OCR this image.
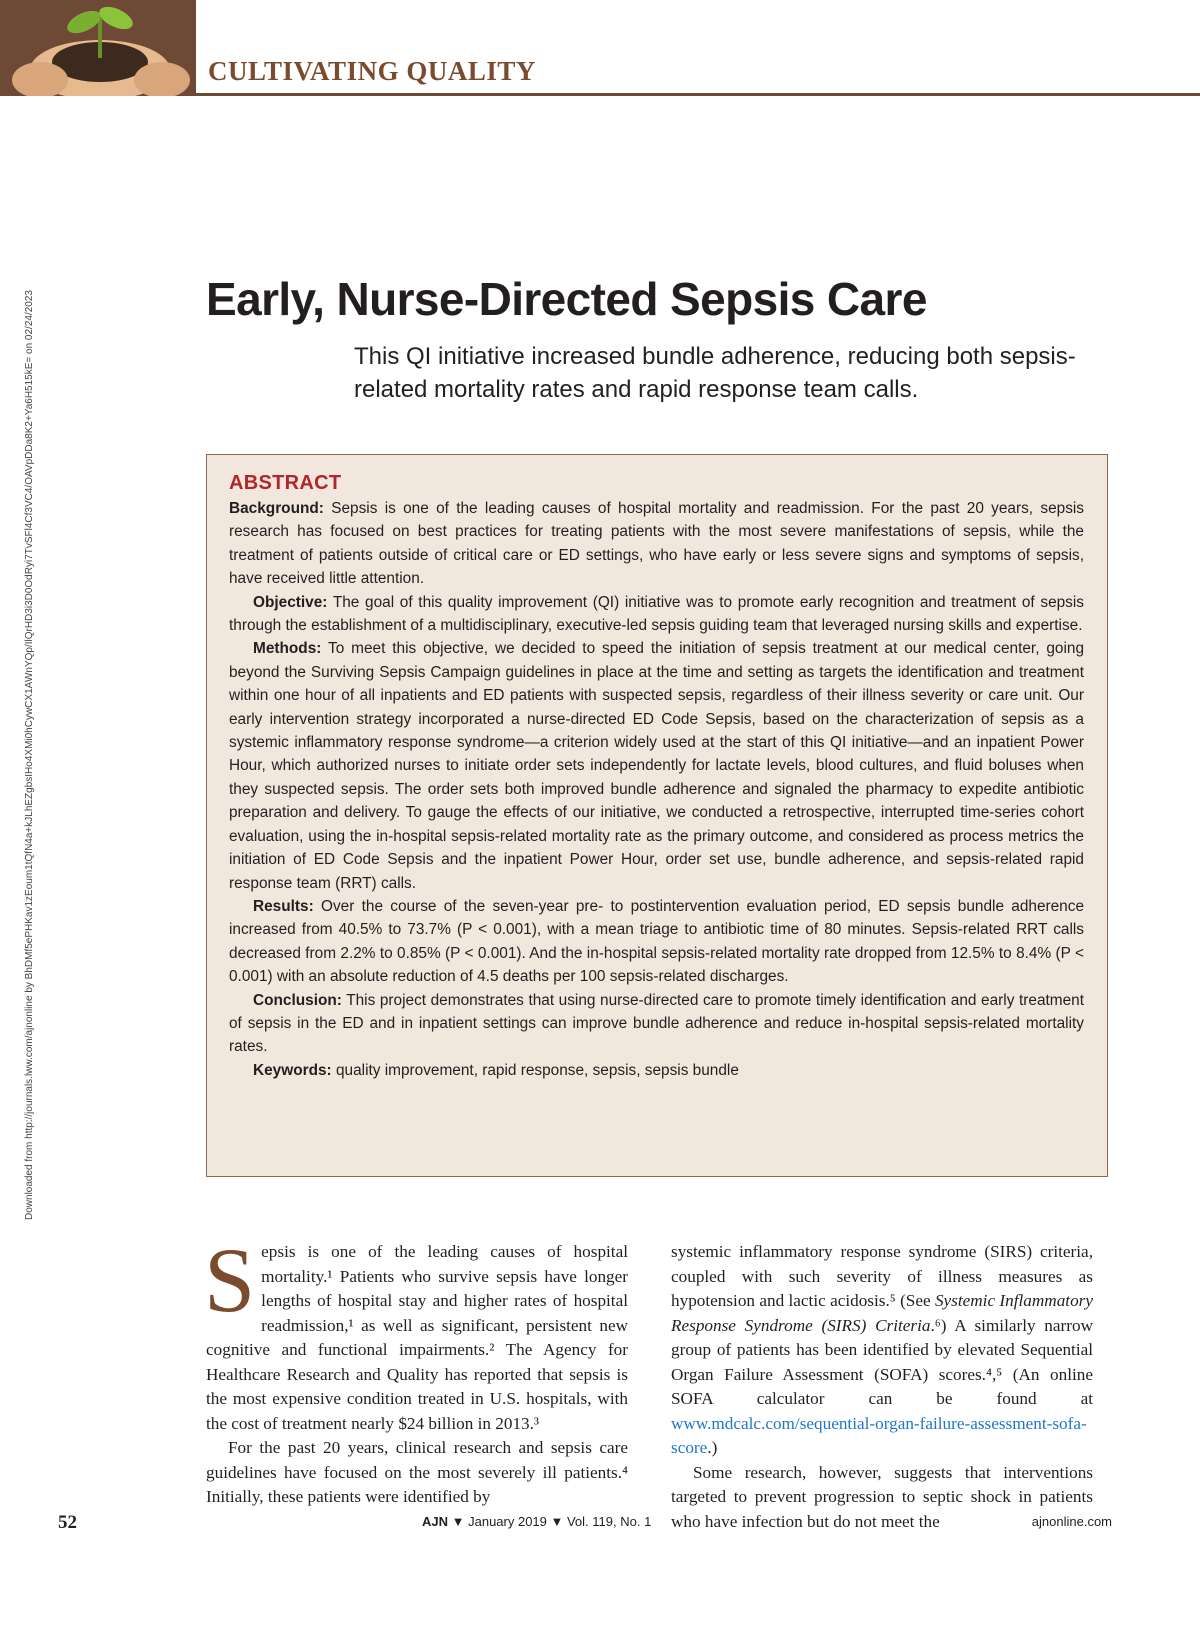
CULTIVATING QUALITY
Downloaded from http://journals.lww.com/ajnonline by BhDMf5ePHKav1zEoum1tQfN4a+kJLhEZgbsIHo4XMi0hCywCX1AWnYQp/IlQrHD3i3D0OdRyi7TvSFl4Cf3VC4/OAVpDDa8K2+Ya6H515kE= on 02/24/2023	Early, Nurse-Directed Sepsis Care

This QI initiative increased bundle adherence, reducing both sepsis-related mortality rates and rapid response team calls.

ABSTRACT

Background: Sepsis is one of the leading causes of hospital mortality and readmission. For the past 20 years, sepsis research has focused on best practices for treating patients with the most severe manifestations of sepsis, while the treatment of patients outside of critical care or ED settings, who have early or less severe signs and symptoms of sepsis, have received little attention.

Objective: The goal of this quality improvement (QI) initiative was to promote early recognition and treatment of sepsis through the establishment of a multidisciplinary, executive-led sepsis guiding team that leveraged nursing skills and expertise.

Methods: To meet this objective, we decided to speed the initiation of sepsis treatment at our medical center, going beyond the Surviving Sepsis Campaign guidelines in place at the time and setting as targets the identification and treatment within one hour of all inpatients and ED patients with suspected sepsis, regardless of their illness severity or care unit. Our early intervention strategy incorporated a nurse-directed ED Code Sepsis, based on the characterization of sepsis as a systemic inflammatory response syndrome—a criterion widely used at the start of this QI initiative—and an inpatient Power Hour, which authorized nurses to initiate order sets independently for lactate levels, blood cultures, and fluid boluses when they suspected sepsis. The order sets both improved bundle adherence and signaled the pharmacy to expedite antibiotic preparation and delivery. To gauge the effects of our initiative, we conducted a retrospective, interrupted time-series cohort evaluation, using the in-hospital sepsis-related mortality rate as the primary outcome, and considered as process metrics the initiation of ED Code Sepsis and the inpatient Power Hour, order set use, bundle adherence, and sepsis-related rapid response team (RRT) calls.

Results: Over the course of the seven-year pre- to postintervention evaluation period, ED sepsis bundle adherence increased from 40.5% to 73.7% (P < 0.001), with a mean triage to antibiotic time of 80 minutes. Sepsis-related RRT calls decreased from 2.2% to 0.85% (P < 0.001). And the in-hospital sepsis-related mortality rate dropped from 12.5% to 8.4% (P < 0.001) with an absolute reduction of 4.5 deaths per 100 sepsis-related discharges.

Conclusion: This project demonstrates that using nurse-directed care to promote timely identification and early treatment of sepsis in the ED and in inpatient settings can improve bundle adherence and reduce in-hospital sepsis-related mortality rates.

Keywords: quality improvement, rapid response, sepsis, sepsis bundle

Sepsis is one of the leading causes of hospital mortality.¹ Patients who survive sepsis have longer lengths of hospital stay and higher rates of hospital readmission,¹ as well as significant, persistent new cognitive and functional impairments.² The Agency for Healthcare Research and Quality has reported that sepsis is the most expensive condition treated in U.S. hospitals, with the cost of treatment nearly $24 billion in 2013.³

For the past 20 years, clinical research and sepsis care guidelines have focused on the most severely ill patients.⁴ Initially, these patients were identified by

systemic inflammatory response syndrome (SIRS) criteria, coupled with such severity of illness measures as hypotension and lactic acidosis.⁵ (See Systemic Inflammatory Response Syndrome (SIRS) Criteria.⁶) A similarly narrow group of patients has been identified by elevated Sequential Organ Failure Assessment (SOFA) scores.⁴,⁵ (An online SOFA calculator can be found at www.mdcalc.com/sequential-organ-failure-assessment-sofa-score.)

Some research, however, suggests that interventions targeted to prevent progression to septic shock in patients who have infection but do not meet the

52	AJN ▼ January 2019 ▼ Vol. 119, No. 1	ajnonline.com
